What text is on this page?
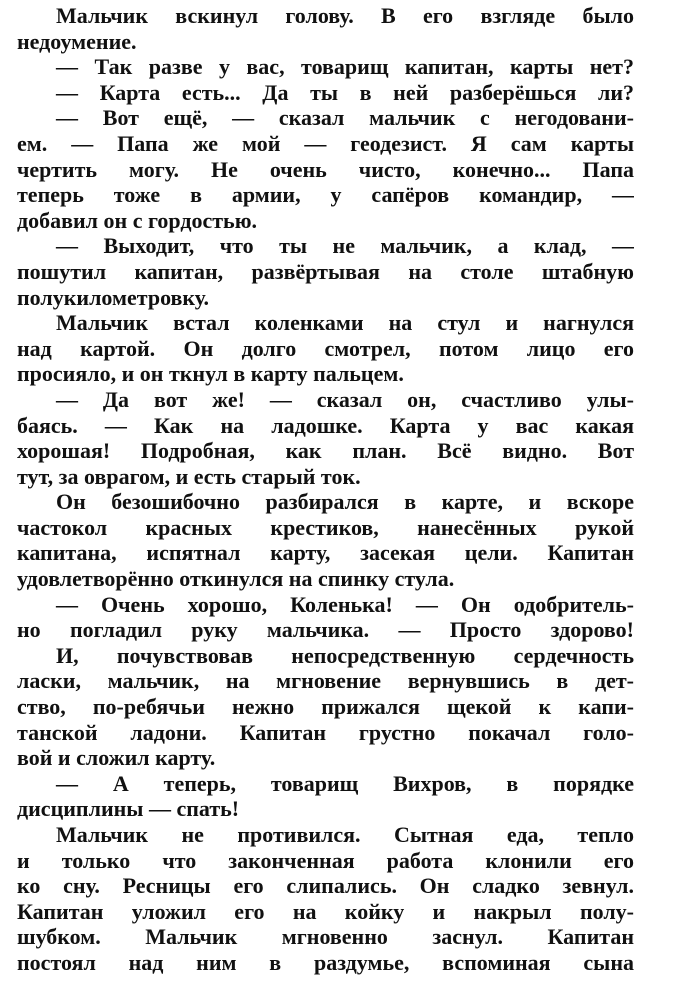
Мальчик вскинул голову. В его взгляде было
недоумение.
— Так разве у вас, товарищ капитан, карты нет?
— Карта есть... Да ты в ней разберёшься ли?
— Вот ещё, — сказал мальчик с негодовани-
ем. — Папа же мой — геодезист. Я сам карты
чертить могу. Не очень чисто, конечно... Папа
теперь тоже в армии, у сапёров командир, —
добавил он с гордостью.
— Выходит, что ты не мальчик, а клад, —
пошутил капитан, развёртывая на столе штабную
полукилометровку.
Мальчик встал коленками на стул и нагнулся
над картой. Он долго смотрел, потом лицо его
просияло, и он ткнул в карту пальцем.
— Да вот же! — сказал он, счастливо улы-
баясь. — Как на ладошке. Карта у вас какая
хорошая! Подробная, как план. Всё видно. Вот
тут, за оврагом, и есть старый ток.
Он безошибочно разбирался в карте, и вскоре
частокол красных крестиков, нанесённых рукой
капитана, испятнал карту, засекая цели. Капитан
удовлетворённо откинулся на спинку стула.
— Очень хорошо, Коленька! — Он одобритель-
но погладил руку мальчика. — Просто здорово!
И, почувствовав непосредственную сердечность
ласки, мальчик, на мгновение вернувшись в дет-
ство, по-ребячьи нежно прижался щекой к капи-
танской ладони. Капитан грустно покачал голо-
вой и сложил карту.
— А теперь, товарищ Вихров, в порядке
дисциплины — спать!
Мальчик не противился. Сытная еда, тепло
и только что законченная работа клонили его
ко сну. Ресницы его слипались. Он сладко зевнул.
Капитан уложил его на койку и накрыл полу-
шубком. Мальчик мгновенно заснул. Капитан
постоял над ним в раздумье, вспоминая сына
